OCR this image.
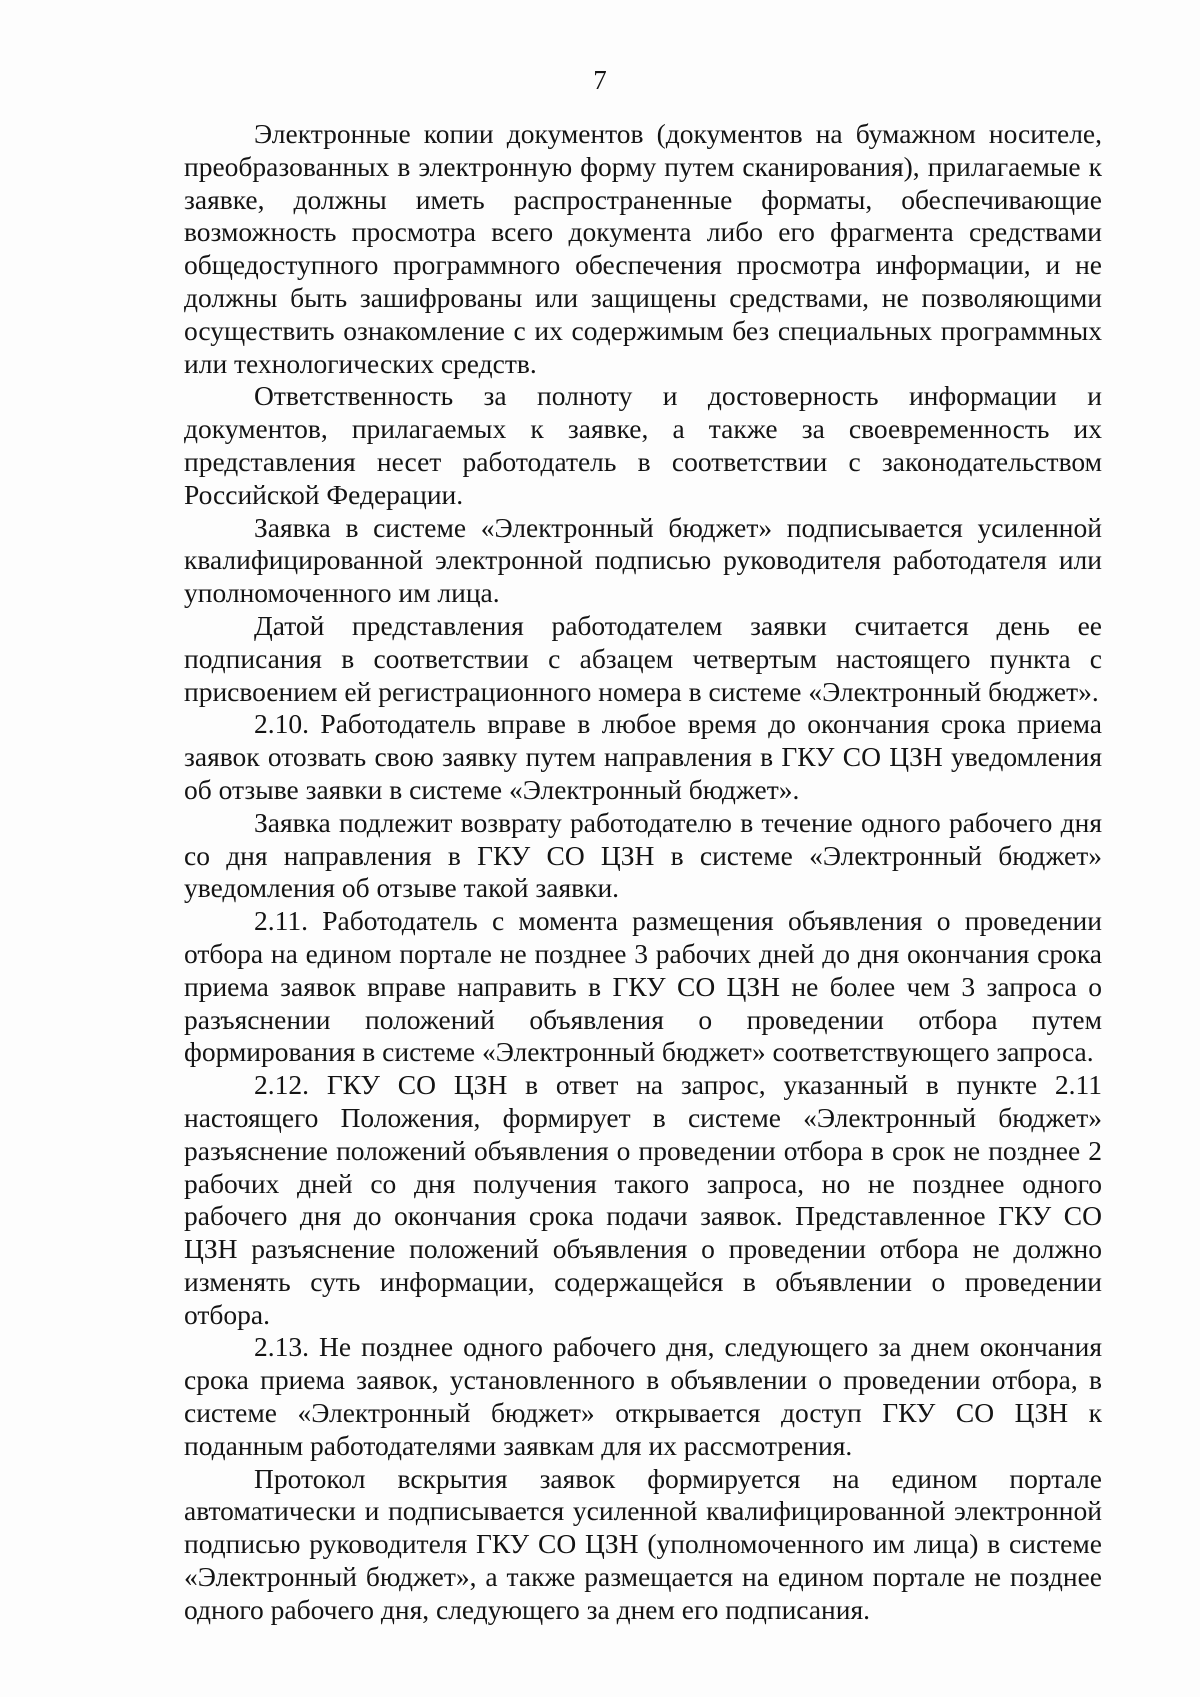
7

Электронные копии документов (документов на бумажном носителе, преобразованных в электронную форму путем сканирования), прилагаемые к заявке, должны иметь распространенные форматы, обеспечивающие возможность просмотра всего документа либо его фрагмента средствами общедоступного программного обеспечения просмотра информации, и не должны быть зашифрованы или защищены средствами, не позволяющими осуществить ознакомление с их содержимым без специальных программных или технологических средств.

Ответственность за полноту и достоверность информации и документов, прилагаемых к заявке, а также за своевременность их представления несет работодатель в соответствии с законодательством Российской Федерации.

Заявка в системе «Электронный бюджет» подписывается усиленной квалифицированной электронной подписью руководителя работодателя или уполномоченного им лица.

Датой представления работодателем заявки считается день ее подписания в соответствии с абзацем четвертым настоящего пункта с присвоением ей регистрационного номера в системе «Электронный бюджет».

2.10. Работодатель вправе в любое время до окончания срока приема заявок отозвать свою заявку путем направления в ГКУ СО ЦЗН уведомления об отзыве заявки в системе «Электронный бюджет».

Заявка подлежит возврату работодателю в течение одного рабочего дня со дня направления в ГКУ СО ЦЗН в системе «Электронный бюджет» уведомления об отзыве такой заявки.

2.11. Работодатель с момента размещения объявления о проведении отбора на едином портале не позднее 3 рабочих дней до дня окончания срока приема заявок вправе направить в ГКУ СО ЦЗН не более чем 3 запроса о разъяснении положений объявления о проведении отбора путем формирования в системе «Электронный бюджет» соответствующего запроса.

2.12. ГКУ СО ЦЗН в ответ на запрос, указанный в пункте 2.11 настоящего Положения, формирует в системе «Электронный бюджет» разъяснение положений объявления о проведении отбора в срок не позднее 2 рабочих дней со дня получения такого запроса, но не позднее одного рабочего дня до окончания срока подачи заявок. Представленное ГКУ СО ЦЗН разъяснение положений объявления о проведении отбора не должно изменять суть информации, содержащейся в объявлении о проведении отбора.

2.13. Не позднее одного рабочего дня, следующего за днем окончания срока приема заявок, установленного в объявлении о проведении отбора, в системе «Электронный бюджет» открывается доступ ГКУ СО ЦЗН к поданным работодателями заявкам для их рассмотрения.

Протокол вскрытия заявок формируется на едином портале автоматически и подписывается усиленной квалифицированной электронной подписью руководителя ГКУ СО ЦЗН (уполномоченного им лица) в системе «Электронный бюджет», а также размещается на едином портале не позднее одного рабочего дня, следующего за днем его подписания.
